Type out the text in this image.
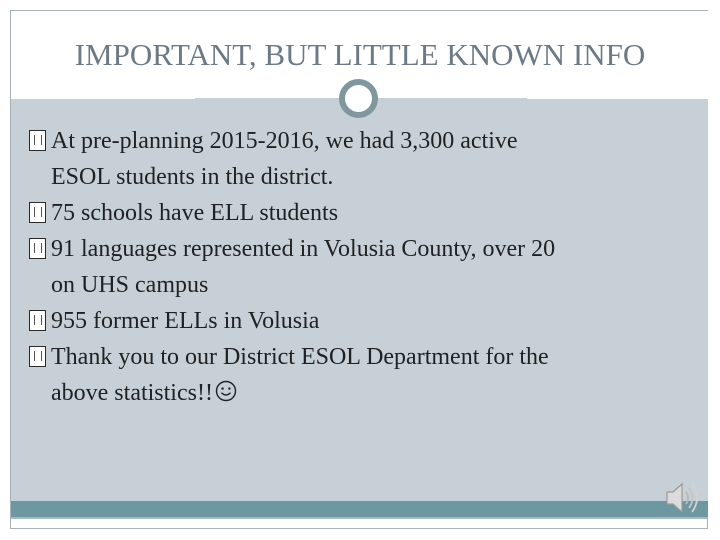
IMPORTANT, BUT LITTLE KNOWN INFO
At pre-planning 2015-2016, we had 3,300 active
ESOL students in the district.
75 schools have ELL students
91 languages represented in Volusia County, over 20
on UHS campus
955 former ELLs in Volusia
Thank you to our District ESOL Department for the
above statistics!!
